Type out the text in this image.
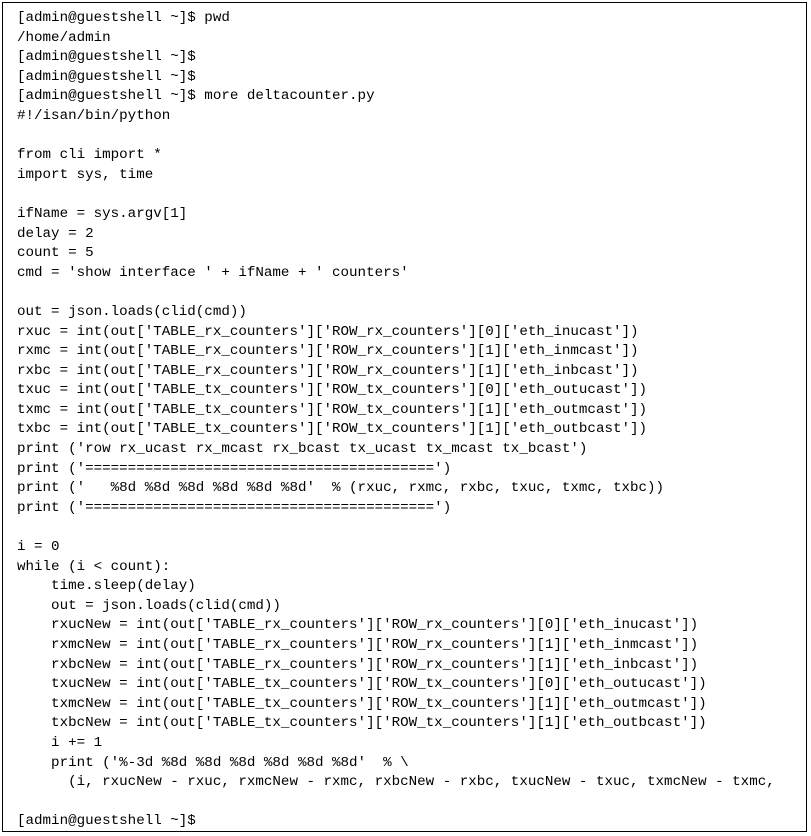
[admin@guestshell ~]$ pwd
/home/admin
[admin@guestshell ~]$
[admin@guestshell ~]$
[admin@guestshell ~]$ more deltacounter.py
#!/isan/bin/python
from cli import *
import sys, time
ifName = sys.argv[1]
delay = 2
count = 5
cmd = 'show interface ' + ifName + ' counters'
out = json.loads(clid(cmd))
rxuc = int(out['TABLE_rx_counters']['ROW_rx_counters'][0]['eth_inucast'])
rxmc = int(out['TABLE_rx_counters']['ROW_rx_counters'][1]['eth_inmcast'])
rxbc = int(out['TABLE_rx_counters']['ROW_rx_counters'][1]['eth_inbcast'])
txuc = int(out['TABLE_tx_counters']['ROW_tx_counters'][0]['eth_outucast'])
txmc = int(out['TABLE_tx_counters']['ROW_tx_counters'][1]['eth_outmcast'])
txbc = int(out['TABLE_tx_counters']['ROW_tx_counters'][1]['eth_outbcast'])
print ('row rx_ucast rx_mcast rx_bcast tx_ucast tx_mcast tx_bcast')
print ('=========================================')
print ('   %8d %8d %8d %8d %8d %8d'  % (rxuc, rxmc, rxbc, txuc, txmc, txbc))
print ('=========================================')
i = 0
while (i < count):
time.sleep(delay)
out = json.loads(clid(cmd))
rxucNew = int(out['TABLE_rx_counters']['ROW_rx_counters'][0]['eth_inucast'])
rxmcNew = int(out['TABLE_rx_counters']['ROW_rx_counters'][1]['eth_inmcast'])
rxbcNew = int(out['TABLE_rx_counters']['ROW_rx_counters'][1]['eth_inbcast'])
txucNew = int(out['TABLE_tx_counters']['ROW_tx_counters'][0]['eth_outucast'])
txmcNew = int(out['TABLE_tx_counters']['ROW_tx_counters'][1]['eth_outmcast'])
txbcNew = int(out['TABLE_tx_counters']['ROW_tx_counters'][1]['eth_outbcast'])
i += 1
print ('%-3d %8d %8d %8d %8d %8d %8d'  % \
(i, rxucNew - rxuc, rxmcNew - rxmc, rxbcNew - rxbc, txucNew - txuc, txmcNew - txmc,
[admin@guestshell ~]$
